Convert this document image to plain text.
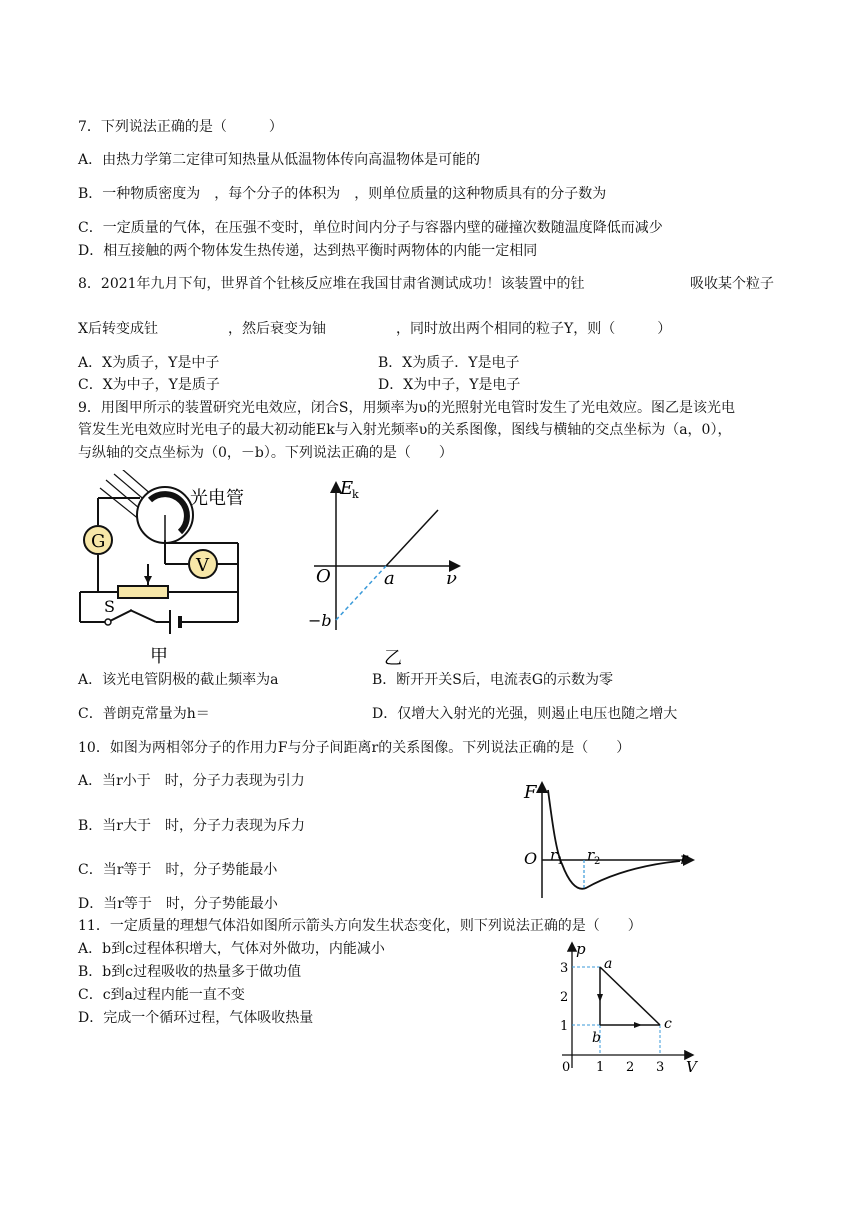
7．下列说法正确的是（　　　）
A．由热力学第二定律可知热量从低温物体传向高温物体是可能的
B．一种物质密度为　，每个分子的体积为　，则单位质量的这种物质具有的分子数为
C．一定质量的气体，在压强不变时，单位时间内分子与容器内壁的碰撞次数随温度降低而减少
D．相互接触的两个物体发生热传递，达到热平衡时两物体的内能一定相同
8．2021年九月下旬，世界首个钍核反应堆在我国甘肃省测试成功！该装置中的钍	吸收某个粒子
X后转变成钍　　　　　，然后衰变为铀　　　　　，同时放出两个相同的粒子Y，则（　　　）
A．X为质子，Y是中子	B．X为质子．Y是电子
C．X为中子，Y是质子	D．X为中子，Y是电子
9．用图甲所示的装置研究光电效应，闭合S，用频率为υ的光照射光电管时发生了光电效应。图乙是该光电
管发生光电效应时光电子的最大初动能Ek与入射光频率υ的关系图像，图线与横轴的交点坐标为（a，0），
与纵轴的交点坐标为（0，－b）。下列说法正确的是（　　）
光电管
G
V
S
甲
E
k
ν
O	a
−b
乙
A．该光电管阴极的截止频率为a	B．断开开关S后，电流表G的示数为零
C．普朗克常量为h＝	D．仅增大入射光的光强，则遏止电压也随之增大
10．如图为两相邻分子的作用力F与分子间距离r的关系图像。下列说法正确的是（　　）
A．当r小于　时，分子力表现为引力
B．当r大于　时，分子力表现为斥力
C．当r等于　时，分子势能最小
D．当r等于　时，分子势能最小
F
O	r
r 1 r 2
11．一定质量的理想气体沿如图所示箭头方向发生状态变化，则下列说法正确的是（　　）
A．b到c过程体积增大，气体对外做功，内能减小
B．b到c过程吸收的热量多于做功值
C．c到a过程内能一直不变
D．完成一个循环过程，气体吸收热量
p
V
3
2
1
0 1 2 3
a
b
c
